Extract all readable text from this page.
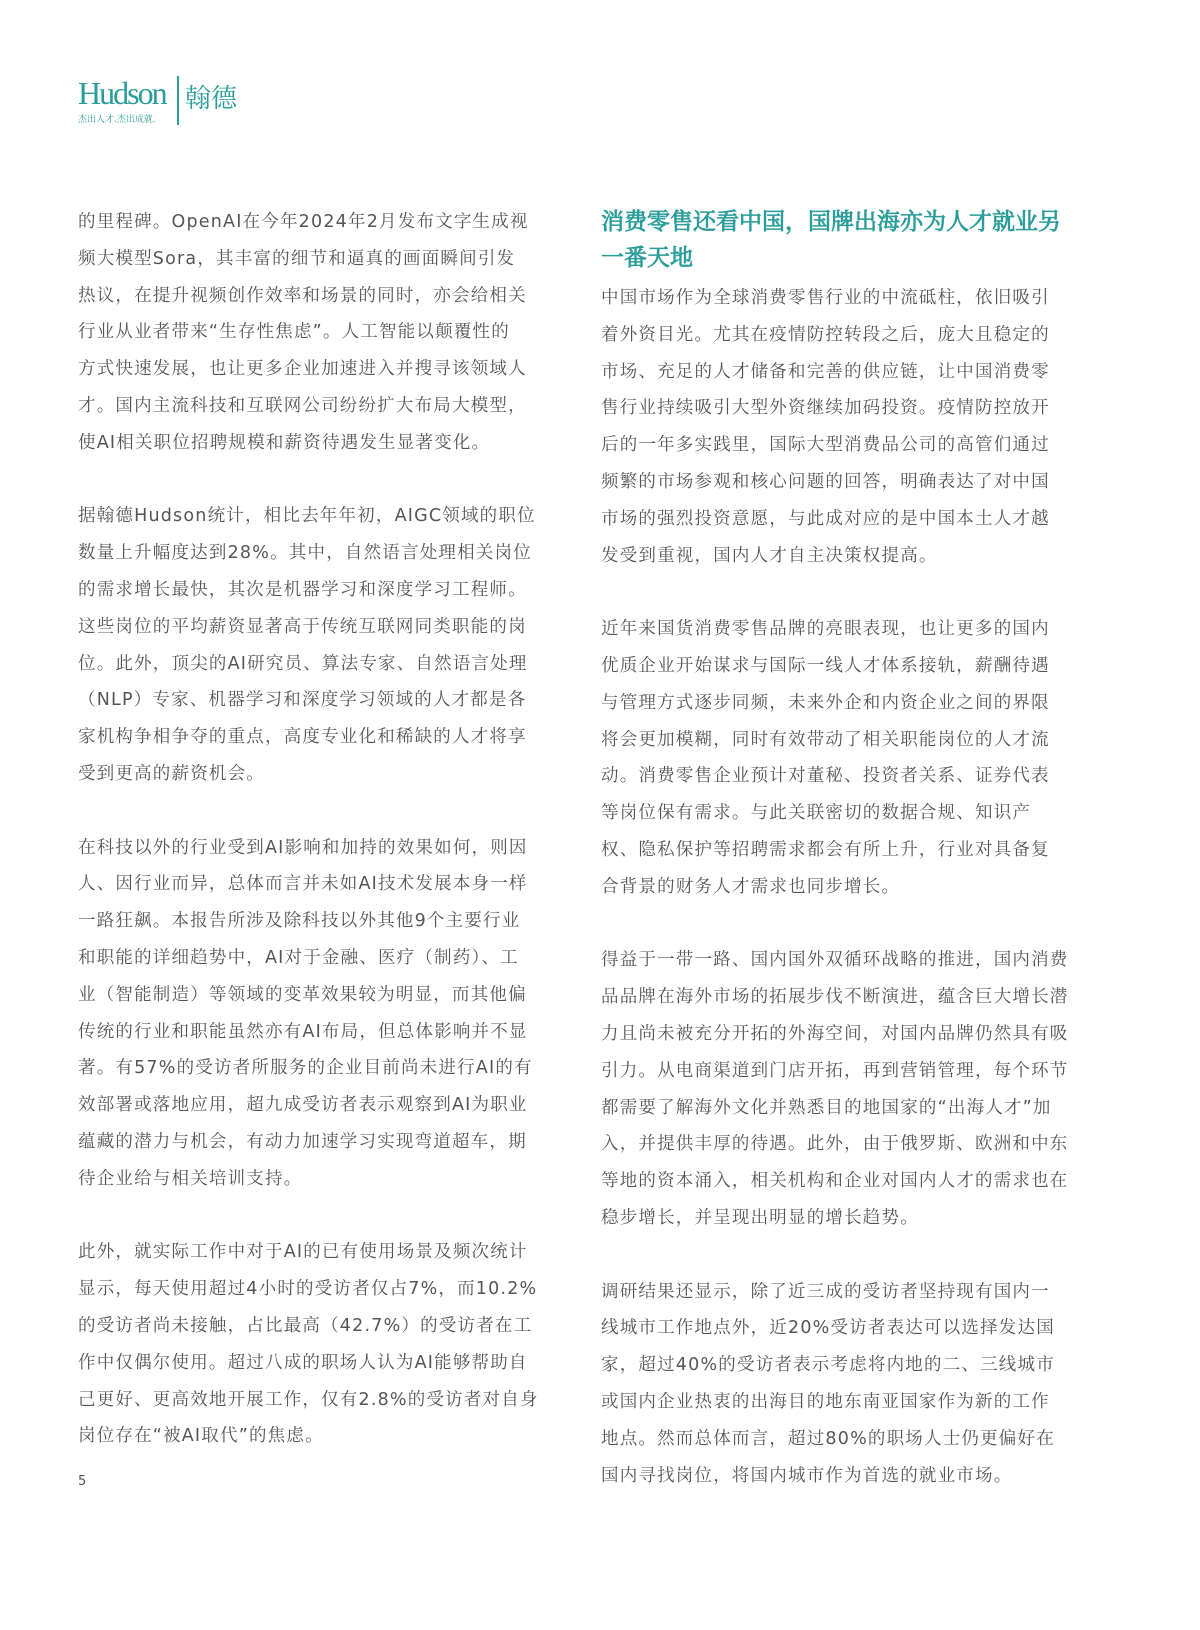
Hudson
杰出人才.杰出成就.
翰德
的里程碑。OpenAI在今年2024年2月发布文字生成视
频大模型Sora，其丰富的细节和逼真的画面瞬间引发
热议，在提升视频创作效率和场景的同时，亦会给相关
行业从业者带来“生存性焦虑”。人工智能以颠覆性的
方式快速发展，也让更多企业加速进入并搜寻该领域人
才。国内主流科技和互联网公司纷纷扩大布局大模型，
使AI相关职位招聘规模和薪资待遇发生显著变化。
据翰德Hudson统计，相比去年年初，AIGC领域的职位
数量上升幅度达到28%。其中，自然语言处理相关岗位
的需求增长最快，其次是机器学习和深度学习工程师。
这些岗位的平均薪资显著高于传统互联网同类职能的岗
位。此外，顶尖的AI研究员、算法专家、自然语言处理
（NLP）专家、机器学习和深度学习领域的人才都是各
家机构争相争夺的重点，高度专业化和稀缺的人才将享
受到更高的薪资机会。
在科技以外的行业受到AI影响和加持的效果如何，则因
人、因行业而异，总体而言并未如AI技术发展本身一样
一路狂飙。本报告所涉及除科技以外其他9个主要行业
和职能的详细趋势中，AI对于金融、医疗（制药）、工
业（智能制造）等领域的变革效果较为明显，而其他偏
传统的行业和职能虽然亦有AI布局，但总体影响并不显
著。有57%的受访者所服务的企业目前尚未进行AI的有
效部署或落地应用，超九成受访者表示观察到AI为职业
蕴藏的潜力与机会，有动力加速学习实现弯道超车，期
待企业给与相关培训支持。
此外，就实际工作中对于AI的已有使用场景及频次统计
显示，每天使用超过4小时的受访者仅占7%，而10.2%
的受访者尚未接触，占比最高（42.7%）的受访者在工
作中仅偶尔使用。超过八成的职场人认为AI能够帮助自
己更好、更高效地开展工作，仅有2.8%的受访者对自身
岗位存在“被AI取代”的焦虑。
消费零售还看中国，国牌出海亦为人才就业另
一番天地
中国市场作为全球消费零售行业的中流砥柱，依旧吸引
着外资目光。尤其在疫情防控转段之后，庞大且稳定的
市场、充足的人才储备和完善的供应链，让中国消费零
售行业持续吸引大型外资继续加码投资。疫情防控放开
后的一年多实践里，国际大型消费品公司的高管们通过
频繁的市场参观和核心问题的回答，明确表达了对中国
市场的强烈投资意愿，与此成对应的是中国本土人才越
发受到重视，国内人才自主决策权提高。
近年来国货消费零售品牌的亮眼表现，也让更多的国内
优质企业开始谋求与国际一线人才体系接轨，薪酬待遇
与管理方式逐步同频，未来外企和内资企业之间的界限
将会更加模糊，同时有效带动了相关职能岗位的人才流
动。消费零售企业预计对董秘、投资者关系、证券代表
等岗位保有需求。与此关联密切的数据合规、知识产
权、隐私保护等招聘需求都会有所上升，行业对具备复
合背景的财务人才需求也同步增长。
得益于一带一路、国内国外双循环战略的推进，国内消费
品品牌在海外市场的拓展步伐不断演进，蕴含巨大增长潜
力且尚未被充分开拓的外海空间，对国内品牌仍然具有吸
引力。从电商渠道到门店开拓，再到营销管理，每个环节
都需要了解海外文化并熟悉目的地国家的“出海人才”加
入，并提供丰厚的待遇。此外，由于俄罗斯、欧洲和中东
等地的资本涌入，相关机构和企业对国内人才的需求也在
稳步增长，并呈现出明显的增长趋势。
调研结果还显示，除了近三成的受访者坚持现有国内一
线城市工作地点外，近20%受访者表达可以选择发达国
家，超过40%的受访者表示考虑将内地的二、三线城市
或国内企业热衷的出海目的地东南亚国家作为新的工作
地点。然而总体而言，超过80%的职场人士仍更偏好在
国内寻找岗位，将国内城市作为首选的就业市场。
5
